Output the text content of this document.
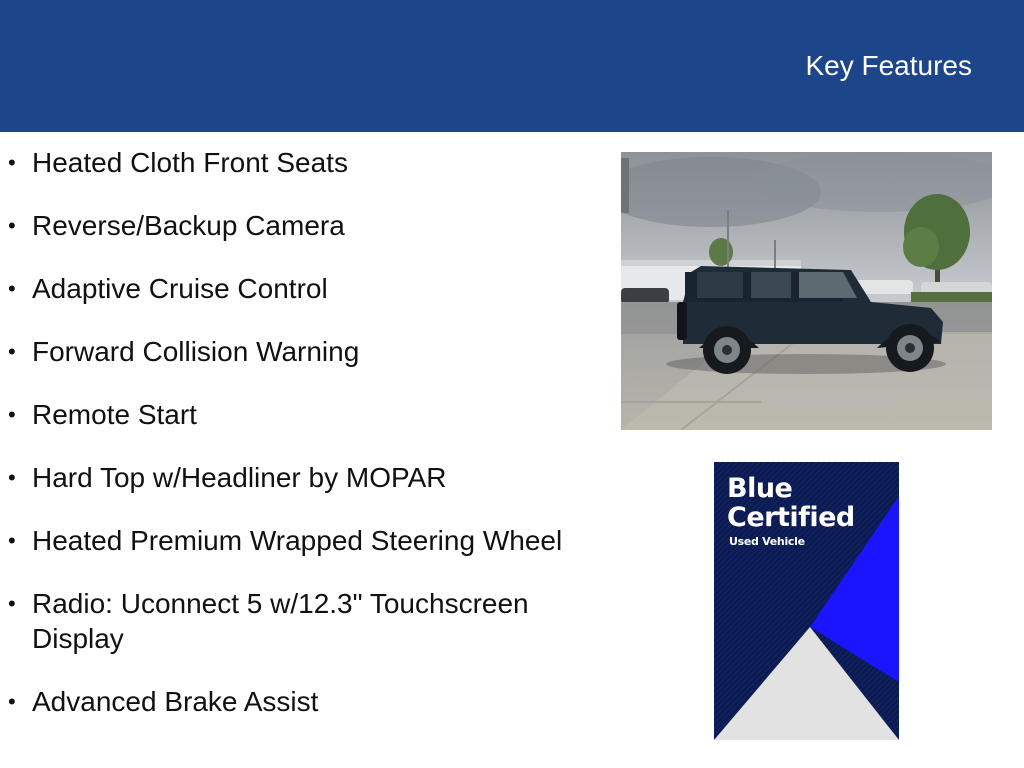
Key Features
• Heated Cloth Front Seats
• Reverse/Backup Camera
• Adaptive Cruise Control
• Forward Collision Warning
• Remote Start
• Hard Top w/Headliner by MOPAR
• Heated Premium Wrapped Steering Wheel
• Radio: Uconnect 5 w/12.3" Touchscreen Display
• Advanced Brake Assist
Blue
Certified
Used Vehicle
